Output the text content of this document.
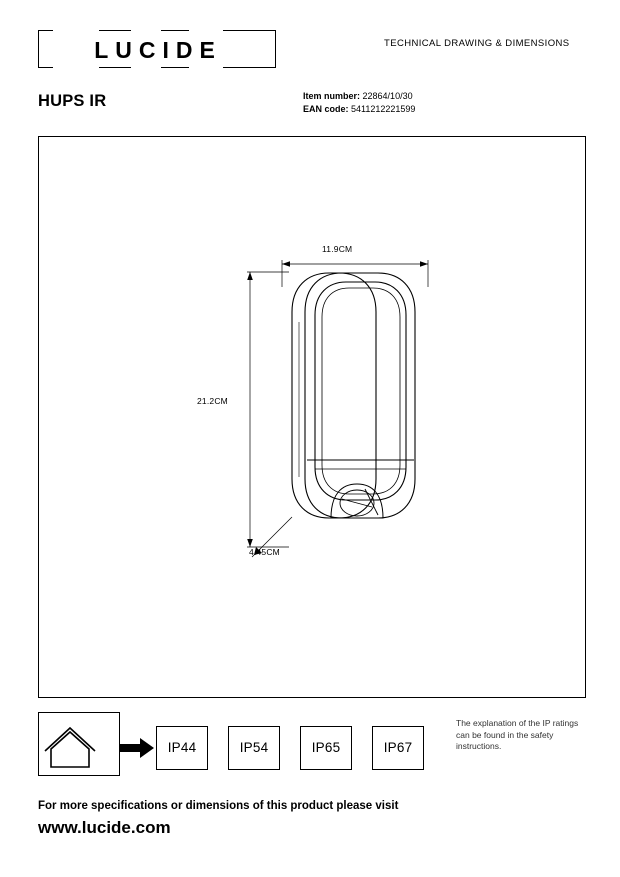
LUCIDE	TECHNICAL DRAWING & DIMENSIONS
HUPS IR	Item number: 22864/10/30
EAN code: 5411212221599
11.9CM
21.2CM
4.45CM
IP44	IP54	IP65	IP67
The explanation of the IP ratings can be found in the safety instructions.
For more specifications or dimensions of this product please visit
www.lucide.com
